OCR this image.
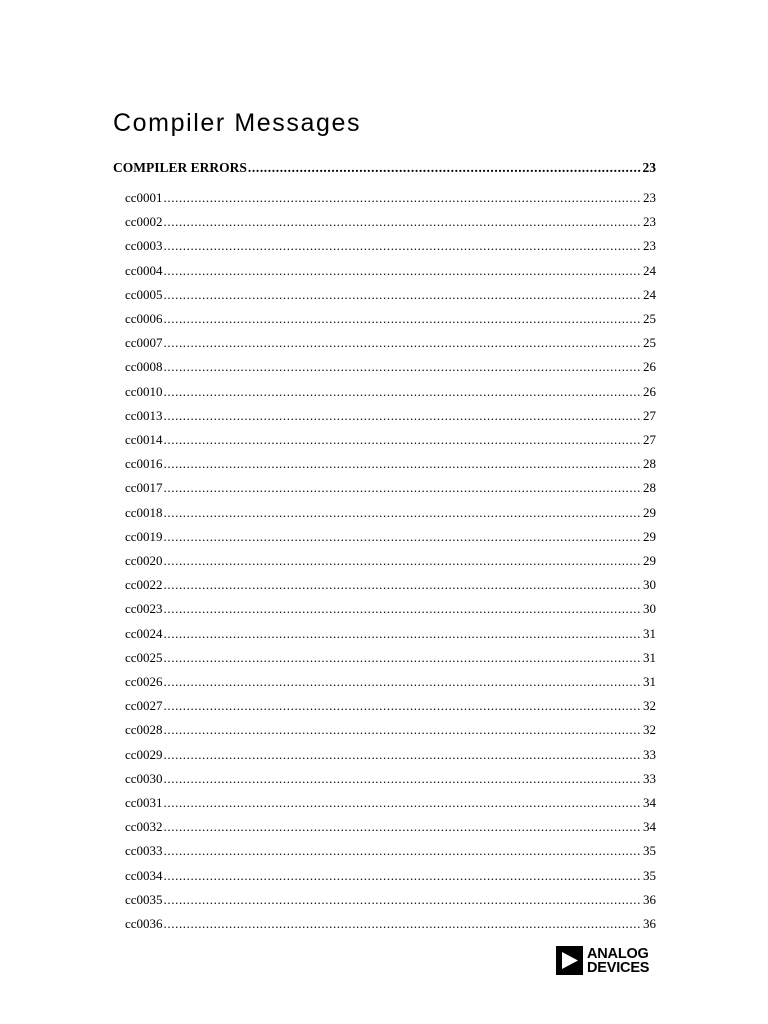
Compiler Messages
COMPILER ERRORS .....	23
cc0001 .....	23
cc0002 .....	23
cc0003 .....	23
cc0004 .....	24
cc0005 .....	24
cc0006 .....	25
cc0007 .....	25
cc0008 .....	26
cc0010 .....	26
cc0013 .....	27
cc0014 .....	27
cc0016 .....	28
cc0017 .....	28
cc0018 .....	29
cc0019 .....	29
cc0020 .....	29
cc0022 .....	30
cc0023 .....	30
cc0024 .....	31
cc0025 .....	31
cc0026 .....	31
cc0027 .....	32
cc0028 .....	32
cc0029 .....	33
cc0030 .....	33
cc0031 .....	34
cc0032 .....	34
cc0033 .....	35
cc0034 .....	35
cc0035 .....	36
cc0036 .....	36
ANALOG
DEVICES
